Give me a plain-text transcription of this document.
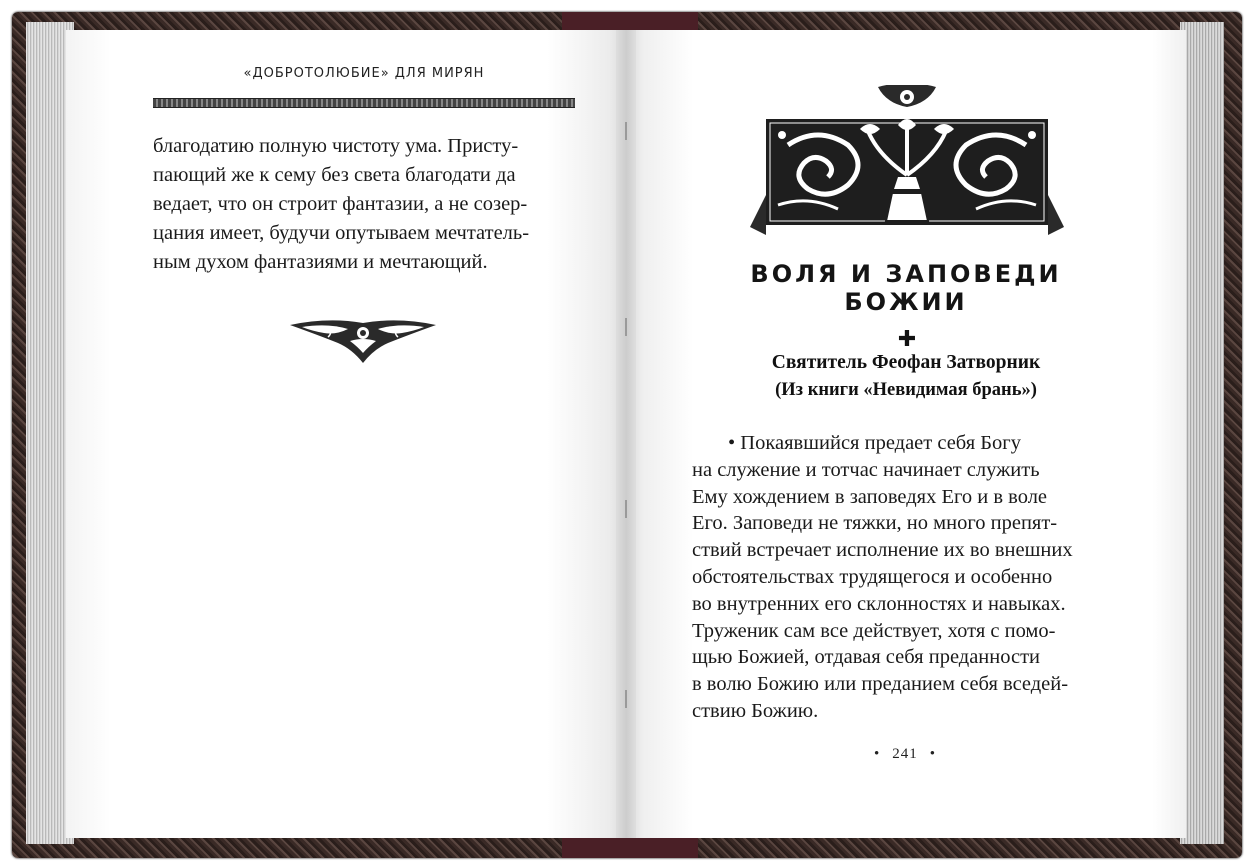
«ДОБРОТОЛЮБИЕ» ДЛЯ МИРЯН

благодатию полную чистоту ума. Присту-

пающий же к сему без света благодати да

ведает, что он строит фантазии, а не созер-

цания имеет, будучи опутываем мечтатель-

ным духом фантазиями и мечтающий.	ВОЛЯ И ЗАПОВЕДИ БОЖИИ
✚
Святитель Феофан Затворник
(Из книги «Невидимая брань»)

• Покаявшийся предает себя Богу

на служение и тотчас начинает служить

Ему хождением в заповедях Его и в воле

Его. Заповеди не тяжки, но много препят-

ствий встречает исполнение их во внешних

обстоятельствах трудящегося и особенно

во внутренних его склонностях и навыках.

Труженик сам все действует, хотя с помо-

щью Божией, отдавая себя преданности

в волю Божию или преданием себя вседей-

ствию Божию.

• 241 •
